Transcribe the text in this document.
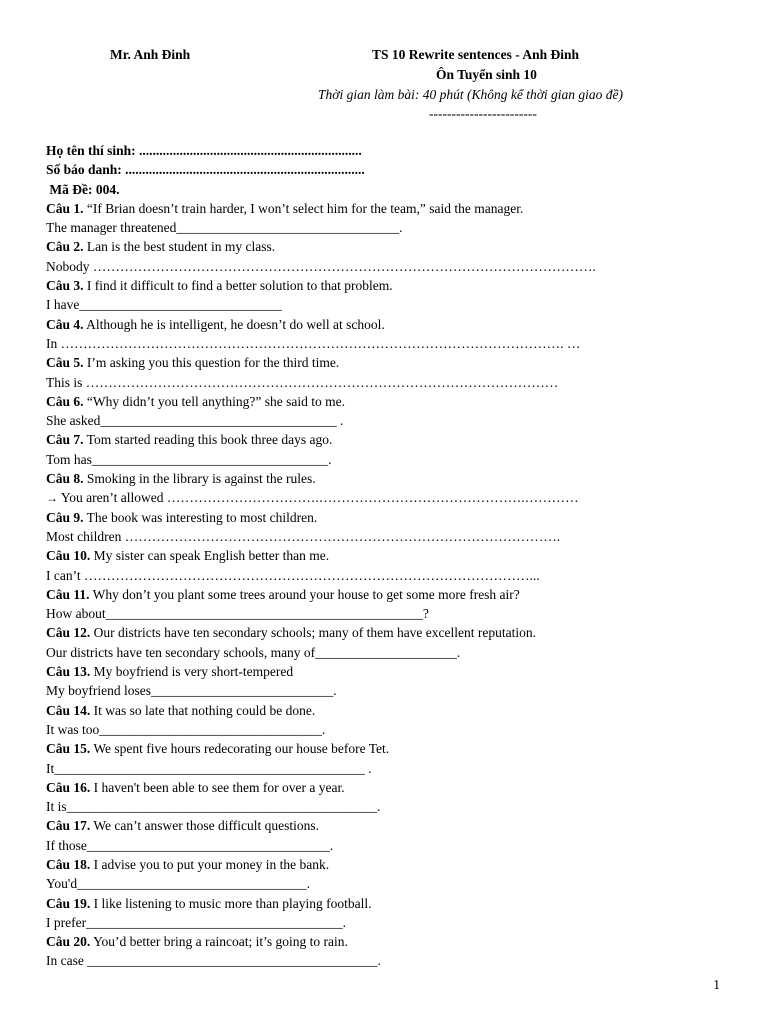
Mr. Anh Đinh	TS 10 Rewrite sentences - Anh Đinh
Ôn Tuyển sinh 10
Thời gian làm bài: 40 phút (Không kể thời gian giao đề)
------------------------
Họ tên thí sinh: ..................................................................
Số báo danh: .......................................................................
Mã Đề: 004.
Câu 1. “If Brian doesn’t train harder, I won’t select him for the team,” said the manager.
The manager threatened_________________________________.
Câu 2. Lan is the best student in my class.
Nobody ………………………………………………………………………………………………….
Câu 3. I find it difficult to find a better solution to that problem.
I have______________________________
Câu 4. Although he is intelligent, he doesn’t do well at school.
In …………………………………………………………………………………………………. …
Câu 5. I’m asking you this question for the third time.
This is ……………………………………………………………………………………………
Câu 6. “Why didn’t you tell anything?” she said to me.
She asked___________________________________ .
Câu 7. Tom started reading this book three days ago.
Tom has___________________________________.
Câu 8. Smoking in the library is against the rules.
→ You aren’t allowed …………………………….……………………………………….…………
Câu 9. The book was interesting to most children.
Most children …………………………………………………………………………………….
Câu 10. My sister can speak English better than me.
I can’t ………………………………………………………………………………………...
Câu 11. Why don’t you plant some trees around your house to get some more fresh air?
How about_______________________________________________?
Câu 12. Our districts have ten secondary schools; many of them have excellent reputation.
Our districts have ten secondary schools, many of_____________________.
Câu 13. My boyfriend is very short-tempered
My boyfriend loses___________________________.
Câu 14. It was so late that nothing could be done.
It was too_________________________________.
Câu 15. We spent five hours redecorating our house before Tet.
It______________________________________________ .
Câu 16. I haven't been able to see them for over a year.
It is______________________________________________.
Câu 17. We can’t answer those difficult questions.
If those____________________________________.
Câu 18. I advise you to put your money in the bank.
You'd__________________________________.
Câu 19. I like listening to music more than playing football.
I prefer______________________________________.
Câu 20. You’d better bring a raincoat; it’s going to rain.
In case ___________________________________________.
1
